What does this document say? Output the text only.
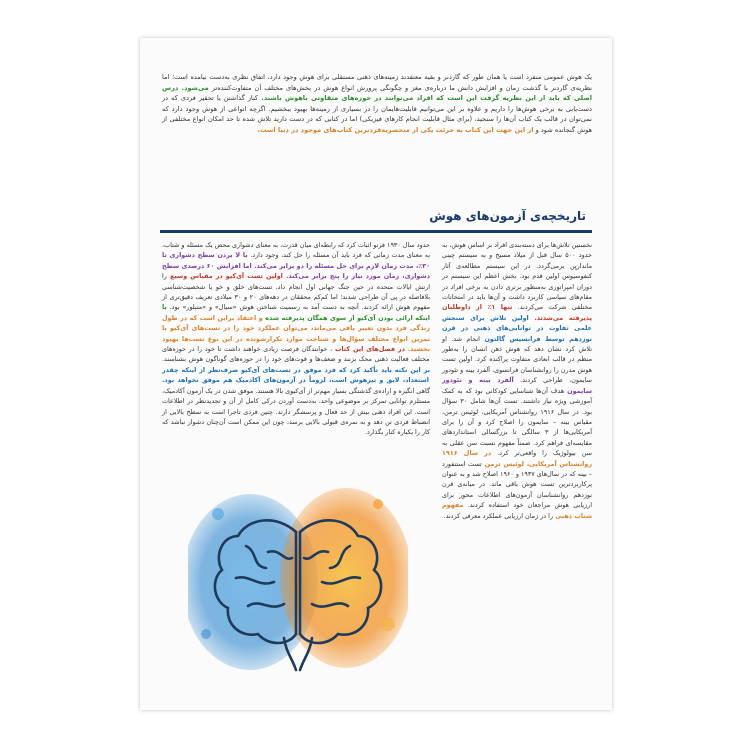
یک هوش عمومی منفرد است یا همان طور که گاردنر و بقیه معتقدند زمینه‌های ذهنی مستقلی برای هوش وجود دارد، اتفاق نظری به‌دست نیامده است؛ اما نظریه‌ی گاردنر با گذشت زمان و افزایش دانش ما درباره‌ی مغز و چگونگی پرورش انواع هوش در بخش‌های مختلف آن متفاوت‌کننده‌تر می‌شود. درس اصلی که باید از این نظریه گرفت این است که افراد می‌توانند در حوزه‌های متفاوتی باهوش باشند. کنار گذاشتن یا تحقیر فردی که در دست‌یابی به برخی هوش‌ها را داریم و علاوه بر این می‌توانیم قابلیت‌هایمان را در بسیاری از زمینه‌ها بهبود ببخشیم. اگرچه انواعی از هوش وجود دارد که نمی‌توان در قالب یک کتاب آن‌ها را سنجید، (برای مثال قابلیت انجام کارهای فیزیکی) اما در کتابی که در دست دارید تلاش شده تا حد امکان انواع مختلفی از هوش گنجانده شود و از این جهت این کتاب به جرئت یکی از منحصربه‌فردترین کتاب‌های موجود در دنیا است.
تاریخچه‌ی آزمون‌های هوش
نخستین تلاش‌ها برای دسته‌بندی افراد بر اساس هوش، به حدود ۵۰۰ سال قبل از میلاد مسیح و به سیستم چینی مانداریِن برمی‌گردد. در این سیستم مطالعه‌ی آثار کنفوسیوس اولین قدم بود. بخش اعظم این سیستم در دوران امپراتوری به‌منظور برتری دادن به برخی افراد در مقام‌های سیاسی کاربرد داشت و آن‌ها باید در امتحانات مختلفی شرکت می‌کردند. تنها ۱٪ از داوطلبان پذیرفته می‌شدند. اولین تلاش برای سنجش علمی تفاوت در توانایی‌های ذهنی در قرن نوزدهم توسط فرانسیس گالتون انجام شد. او تلاش کرد نشان دهد که هوش ذهن انسان را به‌طور منظم در قالب ابعادی متفاوت پراکنده کرد. اولین تست هوش مدرن را روانشناسان فرانسوی، آلفرد بینه و تئودور سایمون، طراحی کردند. آلفرد بینه و تئودور سایمون هدف آن‌ها شناسایی کودکانی بود که به کمک آموزشی ویژه نیاز داشتند. تست آن‌ها شامل ۳۰ سؤال بود. در سال ۱۹۱۶ روانشناس آمریکایی، لوئیس ترمن، مقیاس بینه – سایمون را اصلاح کرد و آن را برای آمریکایی‌ها از ۳ سالگی تا بزرگسالی استانداردهای مقایسه‌ای فراهم کرد. ضمناً مفهوم نسبت سن عقلی به سن بیولوژیک را واقعی‌تر کرد. در سال ۱۹۱۶ روانشناس آمریکایی، لوئیس ترمن تست استنفورد – بینه که در سال‌های ۱۹۳۷ و ۱۹۶۰ اصلاح شد و به عنوان پرکاربردترین تست هوش باقی ماند. در میانه‌ی قرن نوزدهم روانشناسان آزمون‌های اطلاعات محور برای ارزیابی هوش مراجعان خود استفاده کردند. مفهوم شتاب ذهنی را در زمان ارزیابی عملکرد معرفی کردند.
حدود سال ۱۹۳۰ فرنو اثبات کرد که رابطه‌ای میان قدرت، به معنای دشواری محض یک مسئله و شتاب، به معنای مدت زمانی که فرد باید آن مسئله را حل کند، وجود دارد. با لا بردن سطح دشواری تا ۳۰٪، مدت زمان لازم برای حل مسئله را دو برابر می‌کند. اما افزایش ۶۰ درصدی سطح دشواری، زمان مورد نیاز را پنج برابر می‌کند. اولین تست آی‌کیو در مقیاس وسیع را ارتش ایالات متحده در حین جنگ جهانی اول انجام داد. تست‌های خلق و خو یا شخصیت‌شناسی بلافاصله در پی آن طراحی شدند؛ اما کم‌کم محققان در دهه‌های ۲۰ و ۳۰ میلادی تعریف دقیق‌تری از مفهوم هوش ارائه کردند. آنچه به دست آمد به رسمیت شناختن هوش «سیال» و «متبلور» بود. با اینکه ارائی بودن آی‌کیو از سوی همگان پذیرفته شده و اعتقاد براین است که در طول زندگی فرد بدون تغییر باقی می‌ماند، می‌توان عملکرد خود را در تست‌های آی‌کیو با تمرین انواع مختلف سؤال‌ها و شناخت موارد تکرارشونده در این نوع تست‌ها بهبود بخشید. در فصل‌های این کتاب ، خوانندگان فرصت زیادی خواهند داشت تا خود را در حوزه‌های مختلف فعالیت ذهنی محک بزنند و ضعف‌ها و قوت‌های خود را در حوزه‌های گوناگون هوش بشناسند. بر این نکته باید تأکید کرد که فرد موفق در تست‌های آی‌کیو صرف‌نظر از اینکه چقدر استعداد، لایق و تیزهوش است، لزوماً در آزمون‌های آکادمیک هم موفق نخواهد بود. گاهی انگیزه و اراده‌ی گذشتگی بسیار مهم‌تر از آی‌کیوی بالا هستند. موفق شدن در یک آزمون آکادمیک، مستلزم توانایی تمرکز بر موضوعی واحد، به‌دست آوردن درکی کامل از آن و تجدیدنظر در اطلاعات است. این افراد ذهنی بیش از حد فعال و پرسشگر دارند. چنین فردی تاجرا است به سطح بالایی از انضباط فردی تن دهد و به نمره‌ی قبولی بالایی برسد، چون این ممکن است آن‌چنان دشوار نباشد که کار را یکباره کنار بگذارد.
